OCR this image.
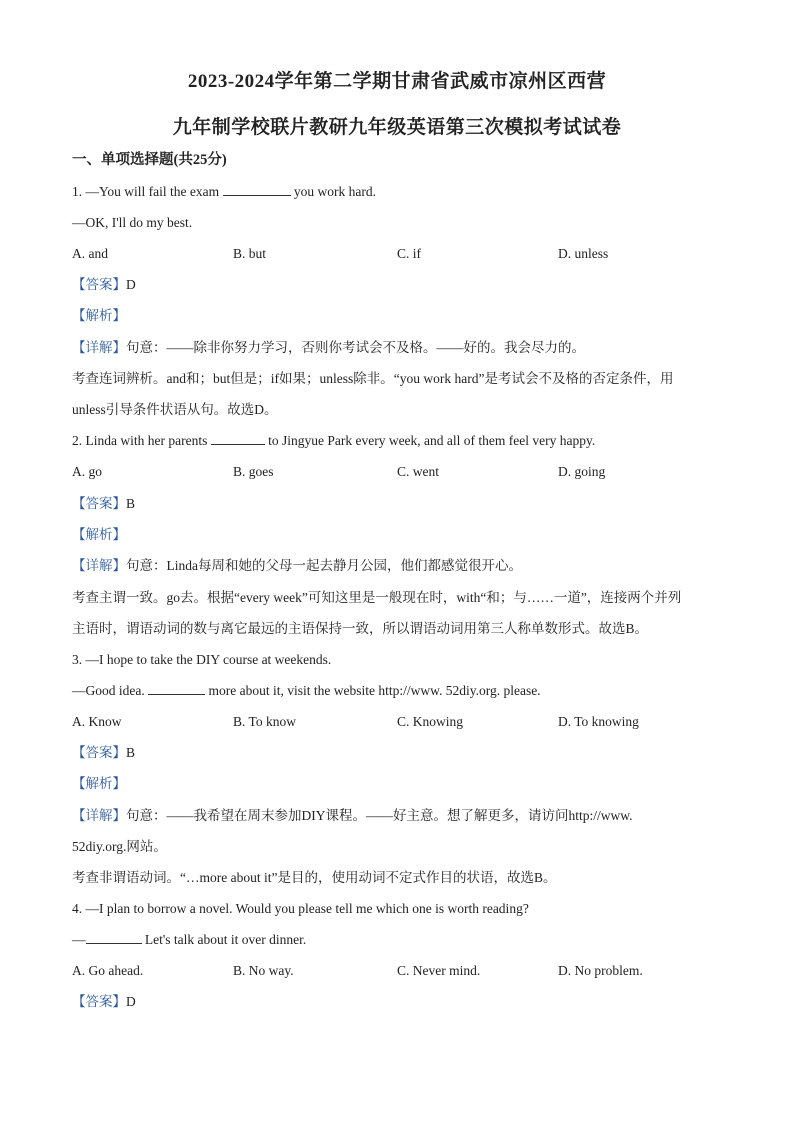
2023-2024学年第二学期甘肃省武威市凉州区西营
九年制学校联片教研九年级英语第三次模拟考试试卷
一、单项选择题(共25分)
1. —You will fail the exam	you work hard.
—OK, I'll do my best.
A. and	B. but	C. if	D. unless
【答案】D
【解析】
【详解】句意：——除非你努力学习，否则你考试会不及格。——好的。我会尽力的。
考查连词辨析。and和；but但是；if如果；unless除非。“you work hard”是考试会不及格的否定条件，用
unless引导条件状语从句。故选D。
2. Linda with her parents	to Jingyue Park every week, and all of them feel very happy.
A. go	B. goes	C. went	D. going
【答案】B
【解析】
【详解】句意：Linda每周和她的父母一起去静月公园，他们都感觉很开心。
考查主谓一致。go去。根据“every week”可知这里是一般现在时，with“和；与……一道”，连接两个并列
主语时，谓语动词的数与离它最远的主语保持一致，所以谓语动词用第三人称单数形式。故选B。
3. —I hope to take the DIY course at weekends.
—Good idea.	more about it, visit the website http://www. 52diy.org. please.
A. Know	B. To know	C. Knowing	D. To knowing
【答案】B
【解析】
【详解】句意：——我希望在周末参加DIY课程。——好主意。想了解更多，请访问http://www.
52diy.org.网站。
考查非谓语动词。“…more about it”是目的，使用动词不定式作目的状语，故选B。
4. —I plan to borrow a novel. Would you please tell me which one is worth reading?
—	Let's talk about it over dinner.
A. Go ahead.	B. No way.	C. Never mind.	D. No problem.
【答案】D
